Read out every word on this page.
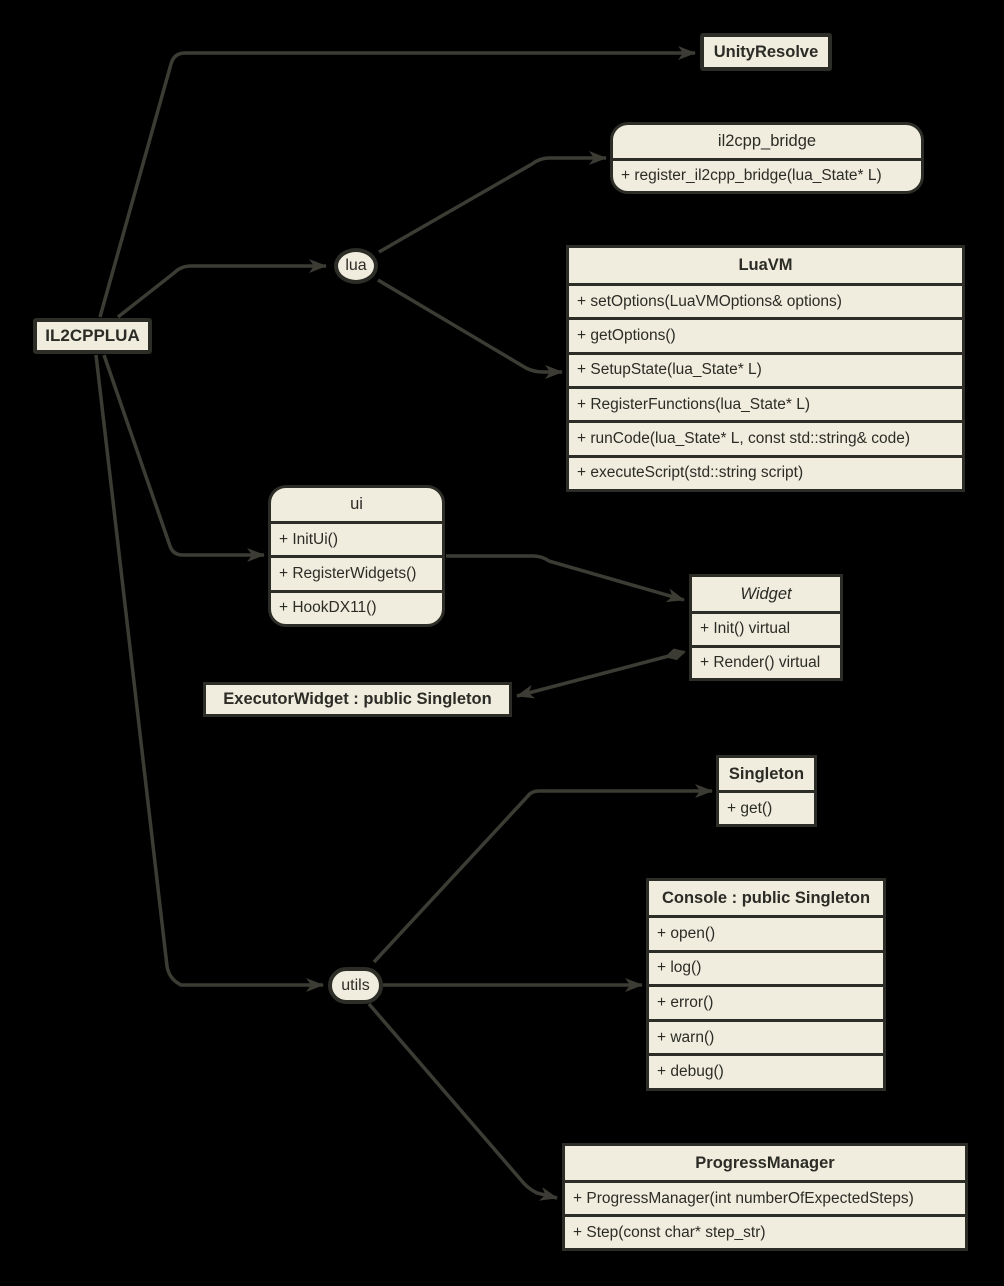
IL2CPPLUA
lua
utils
UnityResolve
il2cpp_bridge
+ register_il2cpp_bridge(lua_State* L)
LuaVM
+ setOptions(LuaVMOptions& options)
+ getOptions()
+ SetupState(lua_State* L)
+ RegisterFunctions(lua_State* L)
+ runCode(lua_State* L, const std::string& code)
+ executeScript(std::string script)
ui
+ InitUi()
+ RegisterWidgets()
+ HookDX11()
Widget
+ Init() virtual
+ Render() virtual
ExecutorWidget : public Singleton
Singleton
+ get()
Console : public Singleton
+ open()
+ log()
+ error()
+ warn()
+ debug()
ProgressManager
+ ProgressManager(int numberOfExpectedSteps)
+ Step(const char* step_str)
